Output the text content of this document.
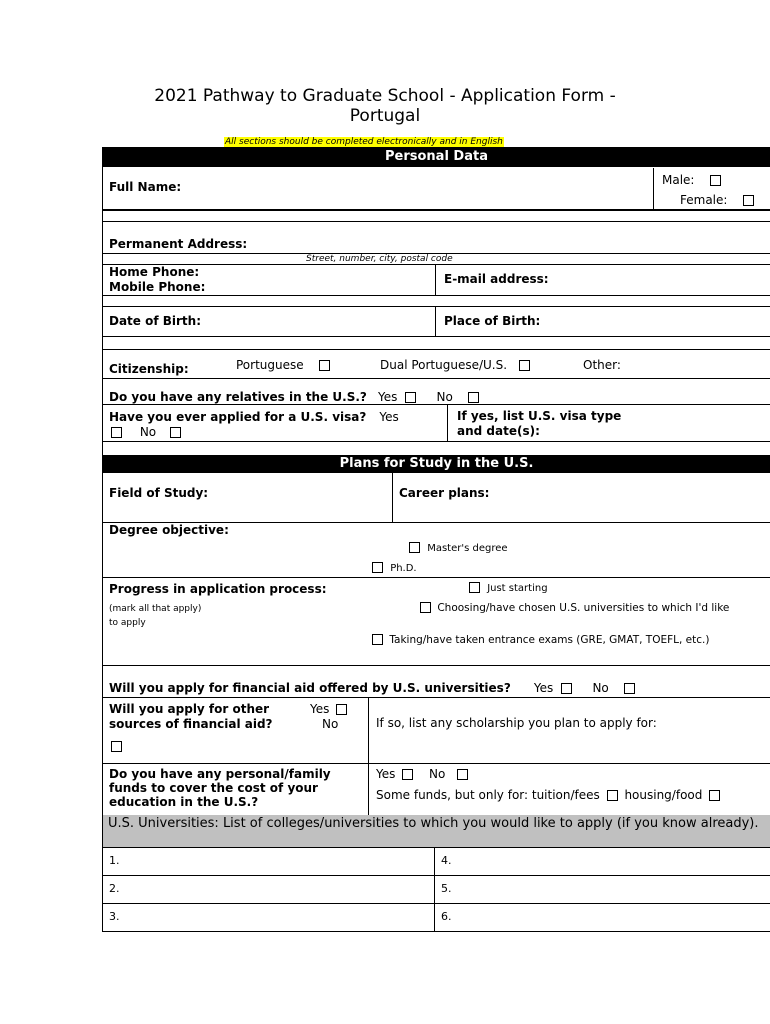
2021 Pathway to Graduate School - Application Form -
Portugal
All sections should be completed electronically and in English
Personal Data
Full Name:	Male:
Female:
Permanent Address:
Street, number, city, postal code
Home Phone:
Mobile Phone:
E-mail address:
Date of Birth:	Place of Birth:
Citizenship:	Portuguese	Dual Portuguese/U.S.	Other:
Do you have any relatives in the U.S.? Yes	No
Have you ever applied for a U.S. visa? Yes
No
If yes, list U.S. visa type
and date(s):
Plans for Study in the U.S.
Field of Study:	Career plans:
Degree objective:
Master's degree
Ph.D.
Progress in application process:
(mark all that apply)
to apply
Just starting
Choosing/have chosen U.S. universities to which I'd like
Taking/have taken entrance exams (GRE, GMAT, TOEFL, etc.)
Will you apply for financial aid offered by U.S. universities? Yes	No
Will you apply for other	Yes
sources of financial aid?	No	If so, list any scholarship you plan to apply for:
Do you have any personal/family
funds to cover the cost of your
education in the U.S.?
Yes	No
Some funds, but only for: tuition/fees housing/food
U.S. Universities: List of colleges/universities to which you would like to apply (if you know already).
1.	4.
2.	5.
3.	6.
